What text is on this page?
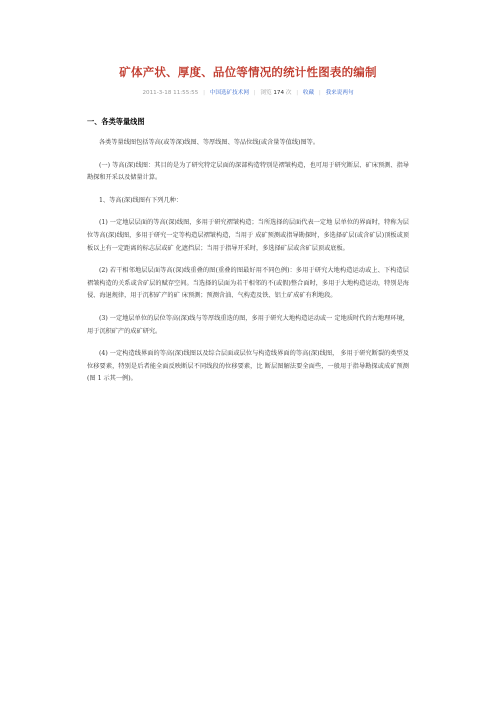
矿体产状、厚度、品位等情况的统计性图表的编制
2011-3-18 11:55:55 | 中国选矿技术网 | 浏览 174 次 | 收藏 | 我来说两句
一、各类等量线图

各类等量线图包括等高(或等深)线图、等厚线图、等品位线(或含量等值线)图等。

(一) 等高(深)线图：其目的是为了研究特定层面的深部构造特别是褶皱构造，也可用于研究断层、矿床预测、指导勘探和开采以及储量计算。

1、等高(深)线图有下列几种：

(1) 一定地层层面的等高(深)线图，多用于研究褶皱构造；当所选择的层面代表一定地 层单位的界面时，特称为层位等高(深)线图，多用于研究一定等构造层褶皱构造，当用于 成矿预测或指导勘探时，多选择矿层(或含矿层)顶板或顶板以上有一定距离的标志层或矿 化遮挡层；当用于指导开采时，多选择矿层或含矿层顶或底板。

(2) 若干相邻地层层面等高(深)线重叠的图(重叠的图最好用不同色例)：多用于研究大地构造运动或上、下构造层褶皱构造的关系或含矿层的赋存空间。当选择的层面为若干相邻的不(或假)整合面时，多用于大地构造运动，特别是海侵、海退规律，用于沉积矿产的矿 床预测；预测含油、气构造及铁、铝土矿成矿有利地段。

(3) 一定地层单位的层位等高(深)线与等厚线重迭的图，多用于研究大地构造运动或一 定地质时代的古地理环境，用于沉积矿产的成矿研究。

(4) 一定构造线界面的等高(深)线图以及综合层面或层位与构造线界面的等高(深)线图， 多用于研究断裂的类型及位移要素，特别是后者能全面反映断层不同线段的位移要素，比 断层图解法要全面些，一般用于指导勘探或成矿预测(图 1 示其一例)。
